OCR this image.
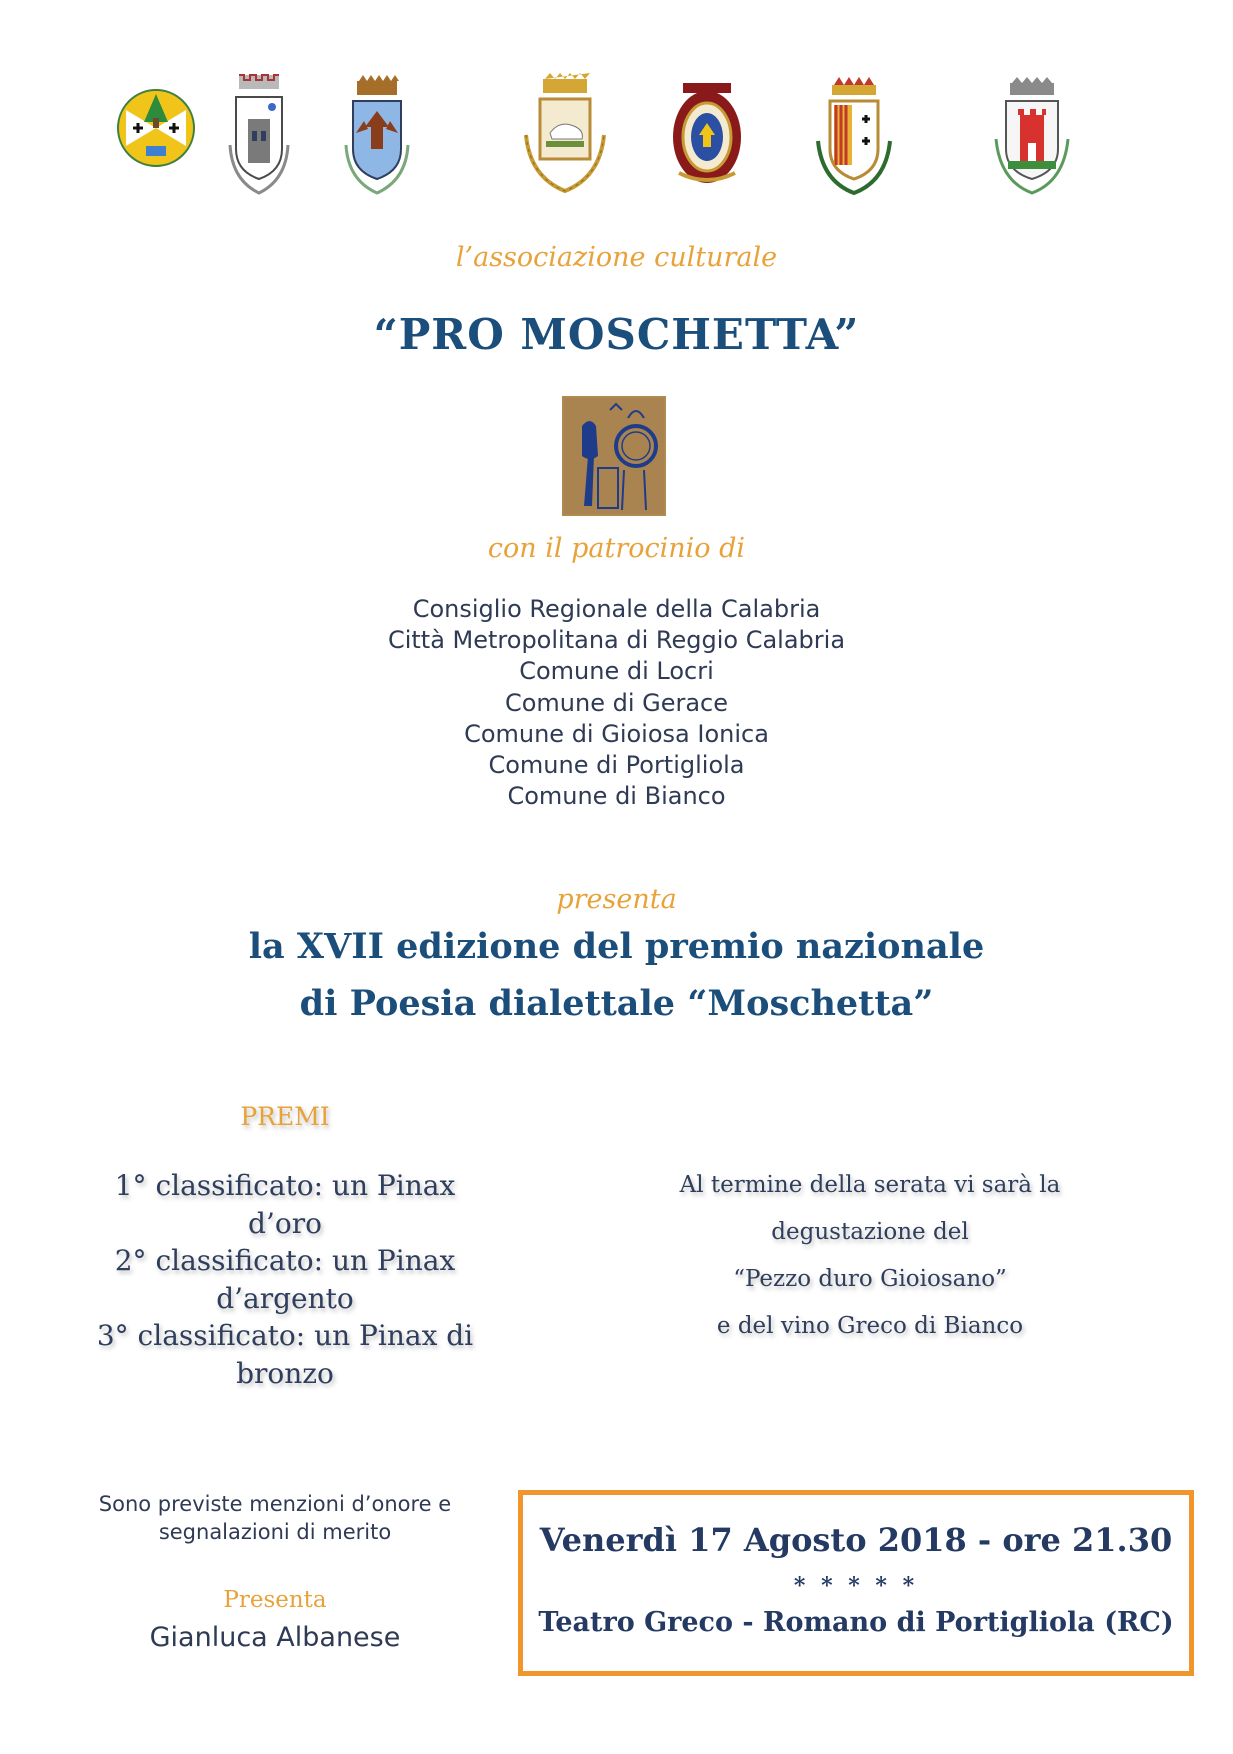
l’associazione culturale
“PRO MOSCHETTA”
con il patrocinio di
Consiglio Regionale della Calabria
Città Metropolitana di Reggio Calabria
Comune di Locri
Comune di Gerace
Comune di Gioiosa Ionica
Comune di Portigliola
Comune di Bianco
presenta
la XVII edizione del premio nazionale
di Poesia dialettale “Moschetta”
PREMI
1° classificato: un Pinax
d’oro
2° classificato: un Pinax
d’argento
3° classificato: un Pinax di
bronzo
Al termine della serata vi sarà la
degustazione del
“Pezzo duro Gioiosano”
e del vino Greco di Bianco
Sono previste menzioni d’onore e
segnalazioni di merito
Presenta
Gianluca Albanese
Venerdì 17 Agosto 2018 - ore 21.30
* * * * *
Teatro Greco - Romano di Portigliola (RC)
